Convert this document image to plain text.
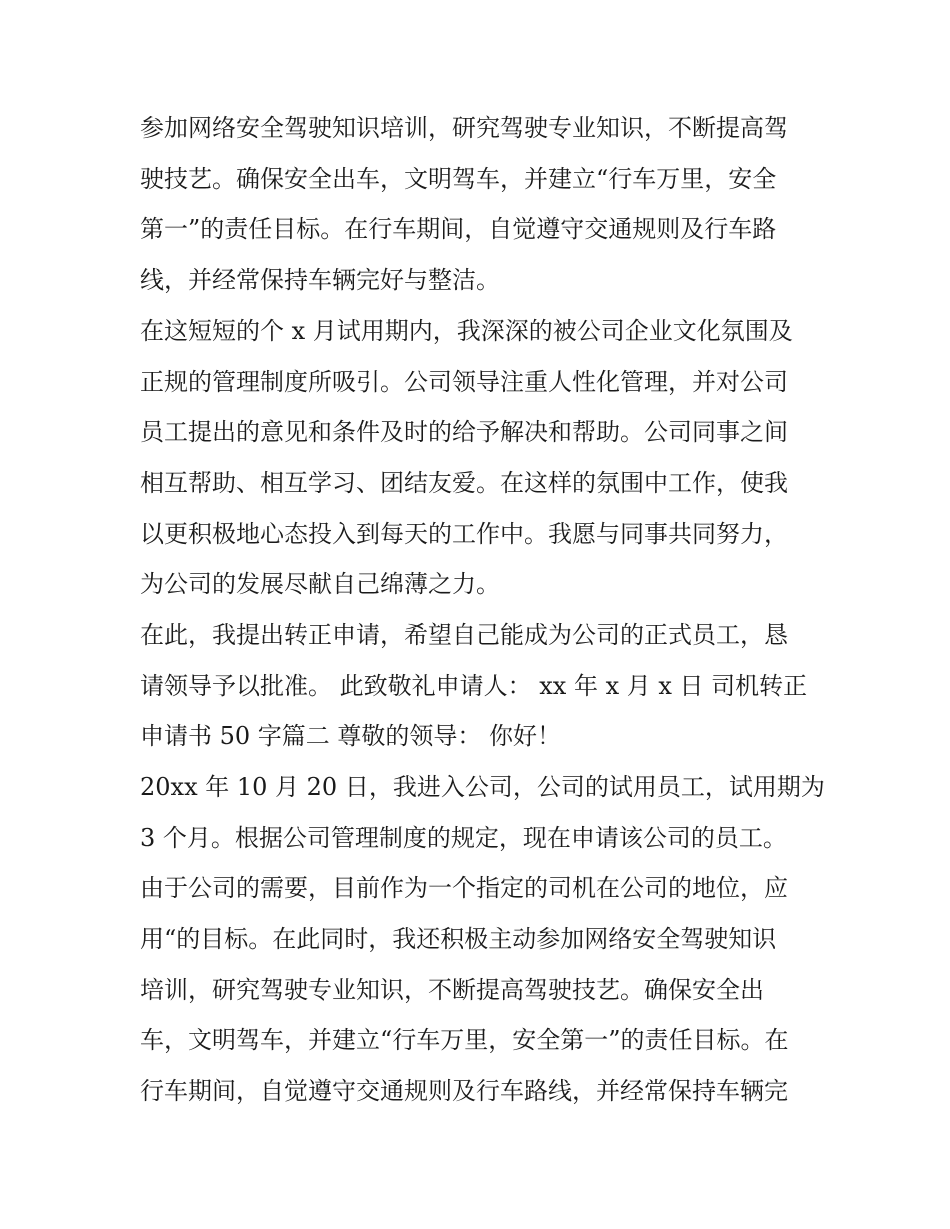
参加网络安全驾驶知识培训，研究驾驶专业知识，不断提高驾
驶技艺。确保安全出车，文明驾车，并建立“行车万里，安全
第一”的责任目标。在行车期间，自觉遵守交通规则及行车路
线，并经常保持车辆完好与整洁。
在这短短的个 x 月试用期内，我深深的被公司企业文化氛围及
正规的管理制度所吸引。公司领导注重人性化管理，并对公司
员工提出的意见和条件及时的给予解决和帮助。公司同事之间
相互帮助、相互学习、团结友爱。在这样的氛围中工作，使我
以更积极地心态投入到每天的工作中。我愿与同事共同努力，
为公司的发展尽献自己绵薄之力。
在此，我提出转正申请，希望自己能成为公司的正式员工，恳
请领导予以批准。 此致敬礼申请人： xx 年 x 月 x 日 司机转正
申请书 50 字篇二 尊敬的领导： 你好！
20xx 年 10 月 20 日，我进入公司，公司的试用员工，试用期为
3 个月。根据公司管理制度的规定，现在申请该公司的员工。
由于公司的需要，目前作为一个指定的司机在公司的地位，应
用“的目标。在此同时，我还积极主动参加网络安全驾驶知识
培训，研究驾驶专业知识，不断提高驾驶技艺。确保安全出
车，文明驾车，并建立“行车万里，安全第一”的责任目标。在
行车期间，自觉遵守交通规则及行车路线，并经常保持车辆完
